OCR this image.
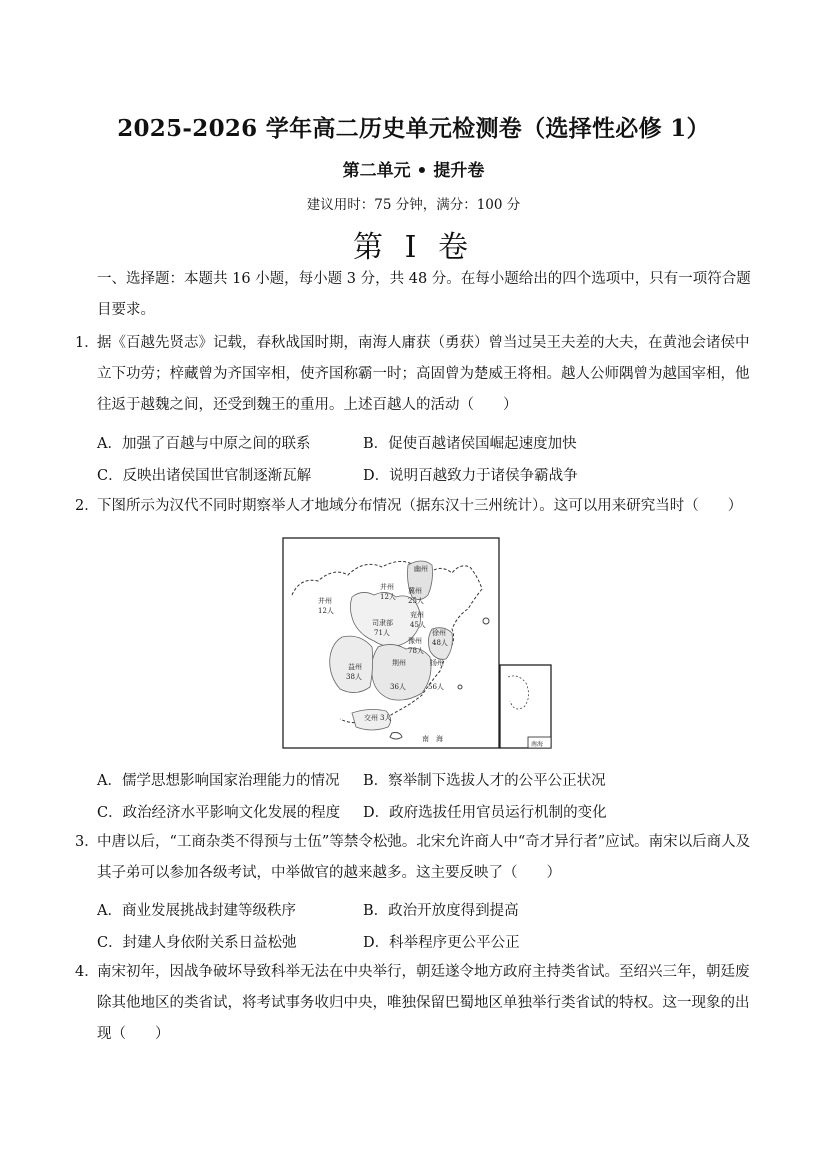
2025-2026 学年高二历史单元检测卷（选择性必修 1）
第二单元 • 提升卷
建议用时：75 分钟，满分：100 分
第 I 卷
一、选择题：本题共 16 小题，每小题 3 分，共 48 分。在每小题给出的四个选项中，只有一项符合题
目要求。
1．据《百越先贤志》记载，春秋战国时期，南海人庸获（勇获）曾当过吴王夫差的大夫，在黄池会诸侯中
立下功劳；梓藏曾为齐国宰相，使齐国称霸一时；高固曾为楚威王将相。越人公师隅曾为越国宰相，他
往返于越魏之间，还受到魏王的重用。上述百越人的活动（　　）
A．加强了百越与中原之间的联系	B．促使百越诸侯国崛起速度加快
C．反映出诸侯国世官制逐渐瓦解	D．说明百越致力于诸侯争霸战争
2．下图所示为汉代不同时期察举人才地域分布情况（据东汉十三州统计）。这可以用来研究当时（　　）
幽州
并州
12人
并州
12人
冀州
25人
兖州
45人
司隶部
71人
豫州
78人
徐州
48人
益州
38人
荆州
36人
扬州
56人
交州 3人
南　海
南海
A．儒学思想影响国家治理能力的情况 B．察举制下选拔人才的公平公正状况
C．政治经济水平影响文化发展的程度 D．政府选拔任用官员运行机制的变化
3．中唐以后，“工商杂类不得预与士伍”等禁令松弛。北宋允许商人中“奇才异行者”应试。南宋以后商人及
其子弟可以参加各级考试，中举做官的越来越多。这主要反映了（　　）
A．商业发展挑战封建等级秩序	B．政治开放度得到提高
C．封建人身依附关系日益松弛	D．科举程序更公平公正
4．南宋初年，因战争破坏导致科举无法在中央举行，朝廷遂令地方政府主持类省试。至绍兴三年，朝廷废
除其他地区的类省试，将考试事务收归中央，唯独保留巴蜀地区单独举行类省试的特权。这一现象的出
现（　　）
